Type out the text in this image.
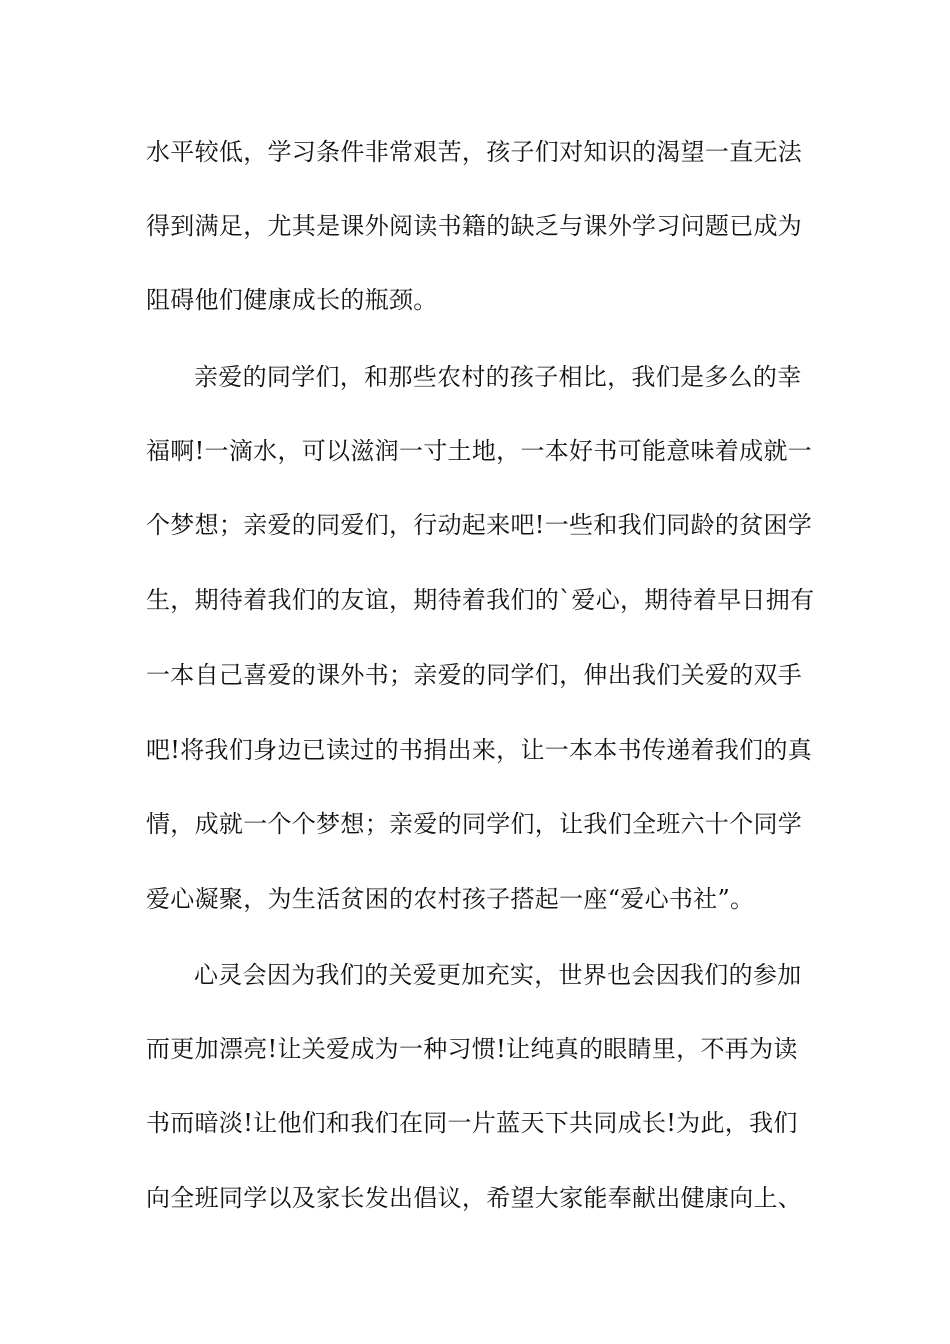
水平较低，学习条件非常艰苦，孩子们对知识的渴望一直无法
得到满足，尤其是课外阅读书籍的缺乏与课外学习问题已成为
阻碍他们健康成长的瓶颈。
亲爱的同学们，和那些农村的孩子相比，我们是多么的幸
福啊!一滴水，可以滋润一寸土地，一本好书可能意味着成就一
个梦想；亲爱的同爱们，行动起来吧!一些和我们同龄的贫困学
生，期待着我们的友谊，期待着我们的`爱心，期待着早日拥有
一本自己喜爱的课外书；亲爱的同学们，伸出我们关爱的双手
吧!将我们身边已读过的书捐出来，让一本本书传递着我们的真
情，成就一个个梦想；亲爱的同学们，让我们全班六十个同学
爱心凝聚，为生活贫困的农村孩子搭起一座“爱心书社”。
心灵会因为我们的关爱更加充实，世界也会因我们的参加
而更加漂亮!让关爱成为一种习惯!让纯真的眼睛里，不再为读
书而暗淡!让他们和我们在同一片蓝天下共同成长!为此，我们
向全班同学以及家长发出倡议，希望大家能奉献出健康向上、
